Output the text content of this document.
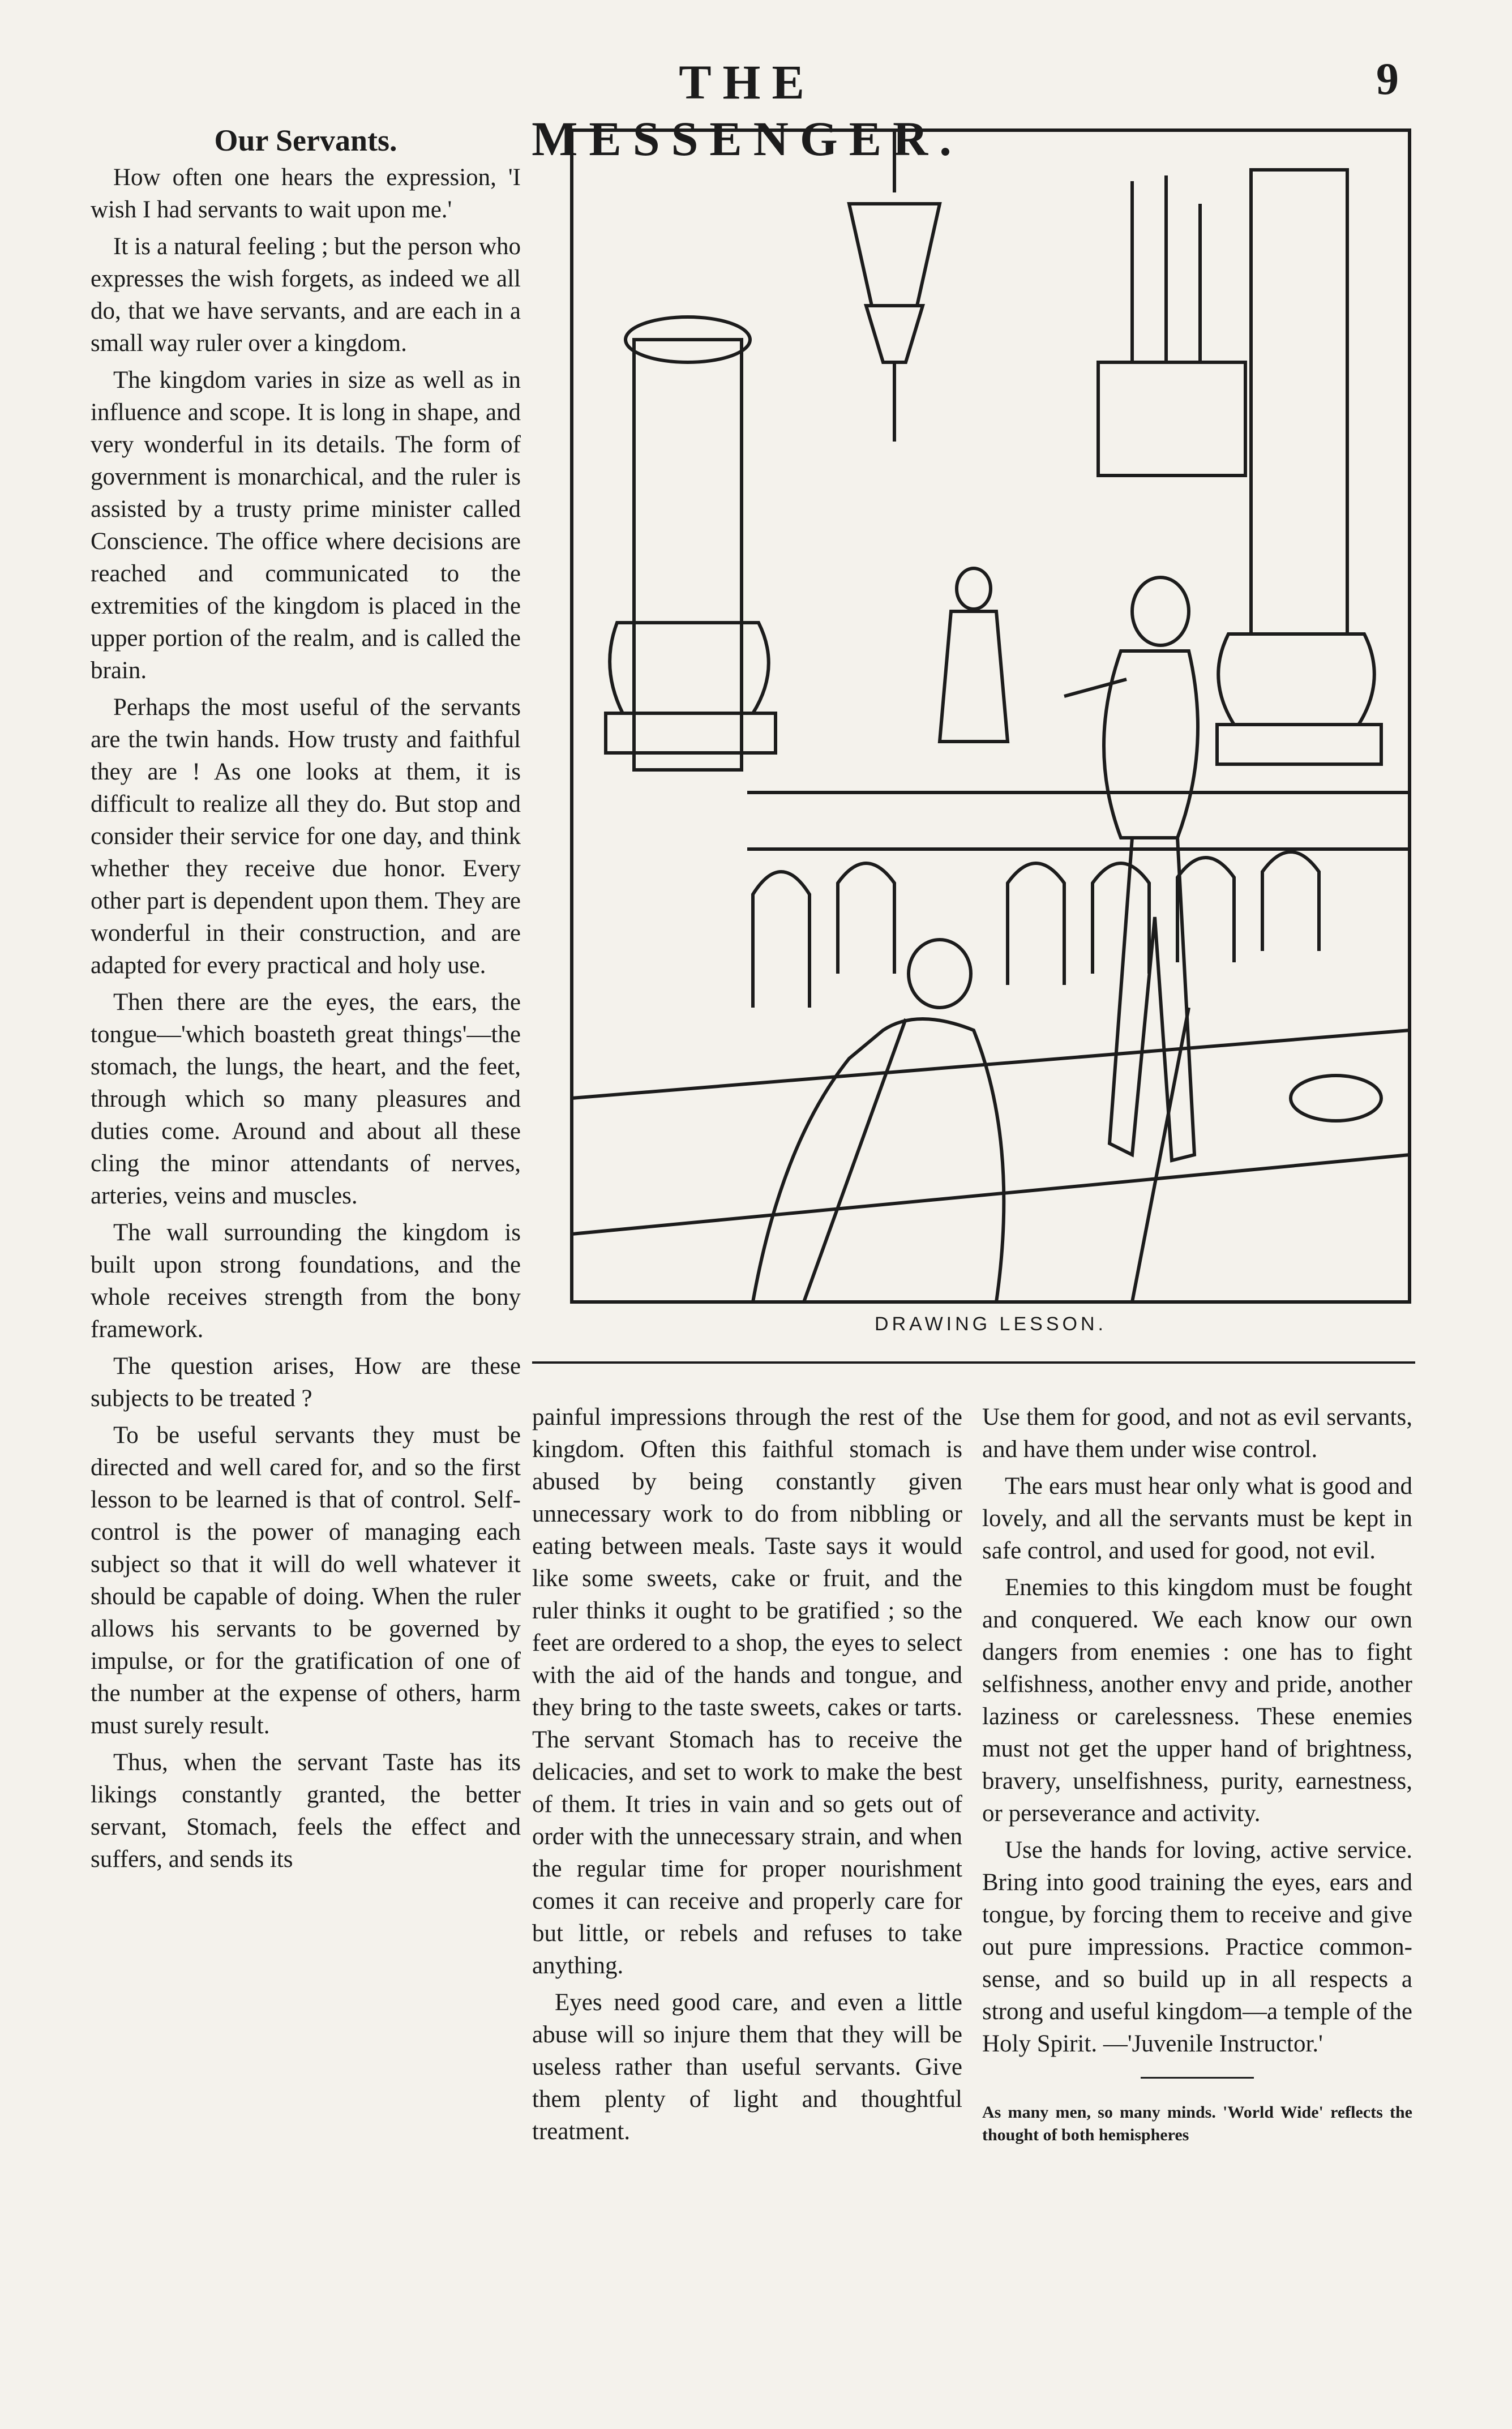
THE MESSENGER.
9

Our Servants.

How often one hears the expression, 'I wish I had servants to wait upon me.'

It is a natural feeling ; but the person who expresses the wish forgets, as indeed we all do, that we have servants, and are each in a small way ruler over a kingdom.

The kingdom varies in size as well as in influence and scope. It is long in shape, and very wonderful in its details. The form of government is monarchical, and the ruler is assisted by a trusty prime minister called Conscience. The office where decisions are reached and communicated to the extremities of the kingdom is placed in the upper portion of the realm, and is called the brain.

Perhaps the most useful of the servants are the twin hands. How trusty and faithful they are ! As one looks at them, it is difficult to realize all they do. But stop and consider their service for one day, and think whether they receive due honor. Every other part is dependent upon them. They are wonderful in their construction, and are adapted for every practical and holy use.

Then there are the eyes, the ears, the tongue—'which boasteth great things'—the stomach, the lungs, the heart, and the feet, through which so many pleasures and duties come. Around and about all these cling the minor attendants of nerves, arteries, veins and muscles.

The wall surrounding the kingdom is built upon strong foundations, and the whole receives strength from the bony framework.

The question arises, How are these subjects to be treated ?

To be useful servants they must be directed and well cared for, and so the first lesson to be learned is that of control. Self-control is the power of managing each subject so that it will do well whatever it should be capable of doing. When the ruler allows his servants to be governed by impulse, or for the gratification of one of the number at the expense of others, harm must surely result.

Thus, when the servant Taste has its likings constantly granted, the better servant, Stomach, feels the effect and suffers, and sends its

DRAWING LESSON.

painful impressions through the rest of the kingdom. Often this faithful stomach is abused by being constantly given unnecessary work to do from nibbling or eating between meals. Taste says it would like some sweets, cake or fruit, and the ruler thinks it ought to be gratified ; so the feet are ordered to a shop, the eyes to select with the aid of the hands and tongue, and they bring to the taste sweets, cakes or tarts. The servant Stomach has to receive the delicacies, and set to work to make the best of them. It tries in vain and so gets out of order with the unnecessary strain, and when the regular time for proper nourishment comes it can receive and properly care for but little, or rebels and refuses to take anything.

Eyes need good care, and even a little abuse will so injure them that they will be useless rather than useful servants. Give them plenty of light and thoughtful treatment.

Use them for good, and not as evil servants, and have them under wise control.

The ears must hear only what is good and lovely, and all the servants must be kept in safe control, and used for good, not evil.

Enemies to this kingdom must be fought and conquered. We each know our own dangers from enemies : one has to fight selfishness, another envy and pride, another laziness or carelessness. These enemies must not get the upper hand of brightness, bravery, unselfishness, purity, earnestness, or perseverance and activity.

Use the hands for loving, active service. Bring into good training the eyes, ears and tongue, by forcing them to receive and give out pure impressions. Practice common-sense, and so build up in all respects a strong and useful kingdom—a temple of the Holy Spirit. —'Juvenile Instructor.'

As many men, so many minds. 'World Wide' reflects the thought of both hemispheres
